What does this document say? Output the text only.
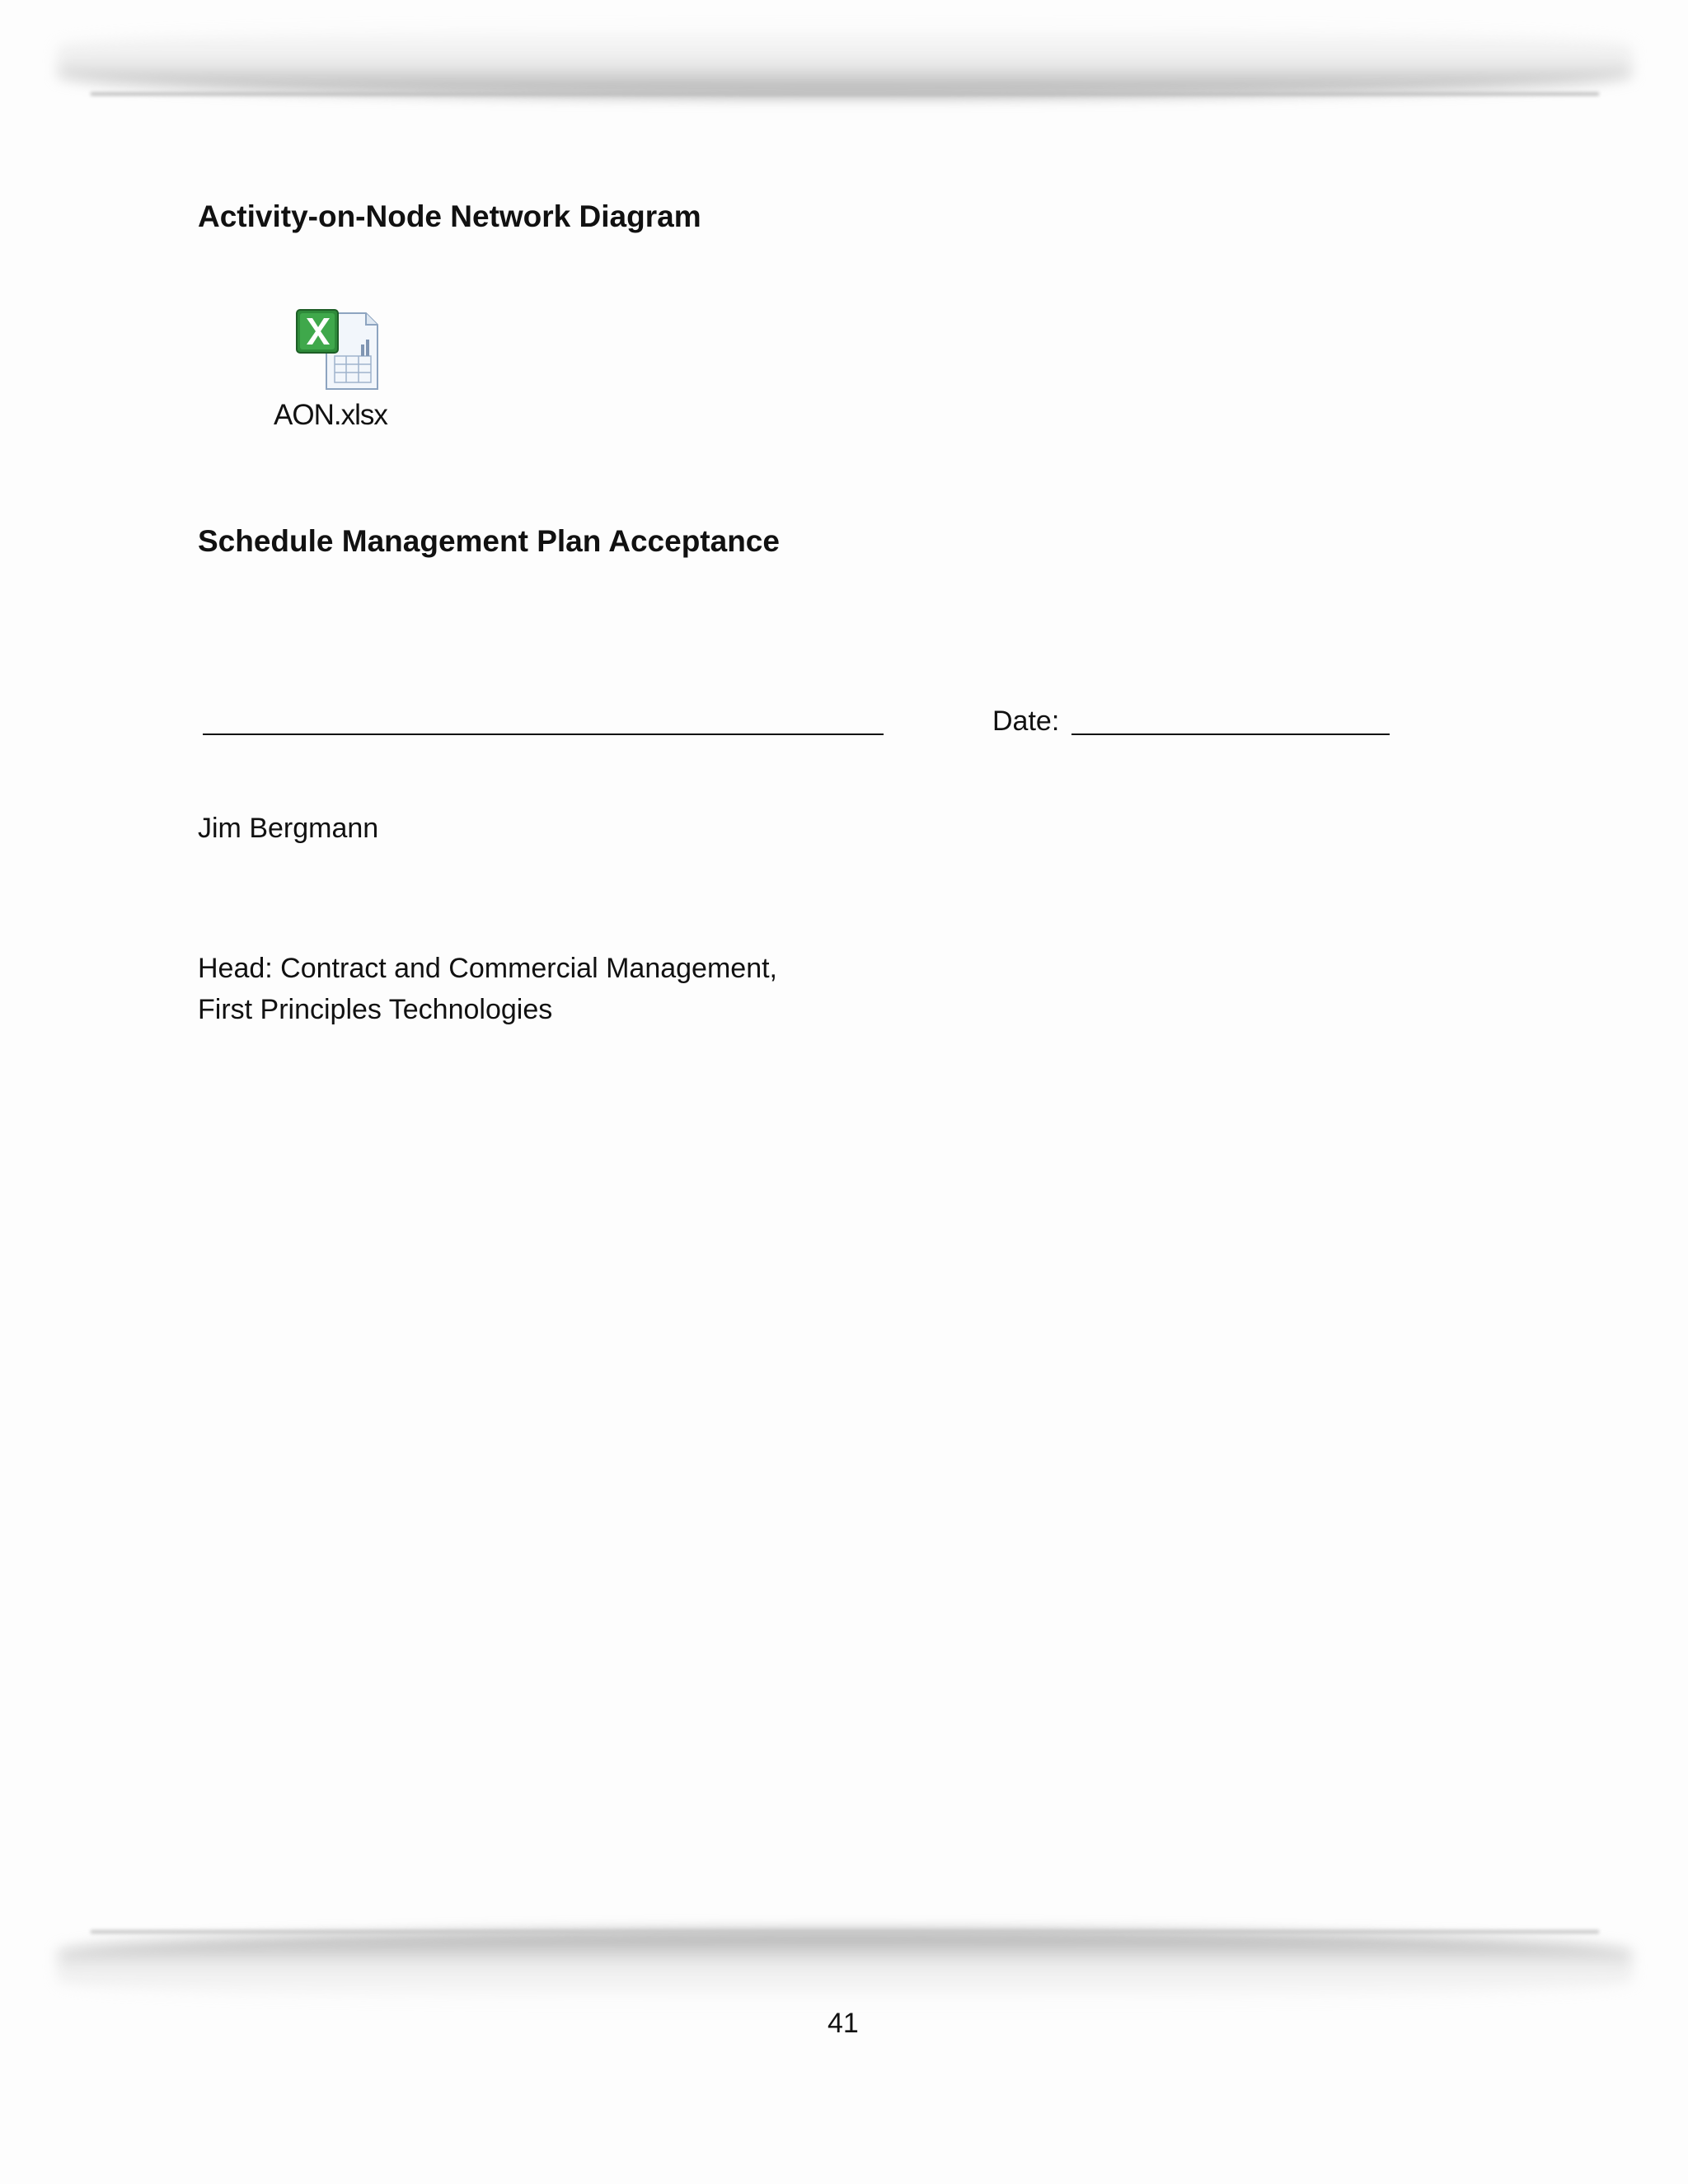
Activity-on-Node Network Diagram
AON.xlsx
Schedule Management Plan Acceptance
Date:
Jim Bergmann
Head: Contract and Commercial Management,
First Principles Technologies
41
